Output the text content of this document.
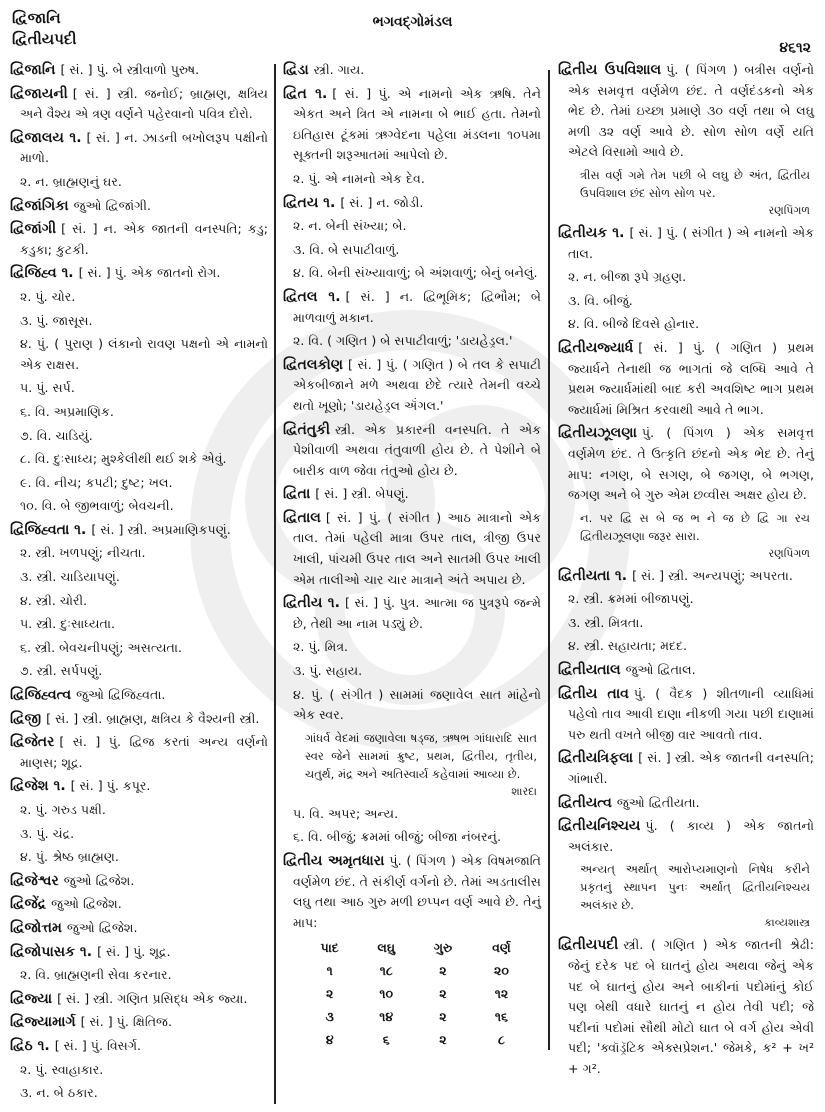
દ્વિજાનિ
દ્વિતીયપદી
ભગવદ્ગોમંડલ
૪૬૧૨
દ્વિજાનિ [ સં. ] પું. બે સ્ત્રીવાળો પુરુષ.
દ્વિજાયની [ સં. ] સ્ત્રી. જનોઈ; બ્રાહ્મણ, ક્ષત્રિય અને વૈશ્ય એ ત્રણ વર્ણને પહેરવાનો પવિત્ર દોરો.
દ્વિજાલય ૧. [ સં. ] ન. ઝાડની બખોલરૂપ પક્ષીનો માળો.
૨. ન. બ્રાહ્મણનું ઘર.
દ્વિજાંગિકા જુઓ દ્વિજાંગી.
દ્વિજાંગી [ સં. ] ન. એક જાતની વનસ્પતિ; કડુ; કડુકા; કુટકી.
દ્વિજિહ્વ ૧. [ સં. ] પું. એક જાતનો રોગ.
૨. પું. ચોર.
૩. પું. જાસૂસ.
૪. પું. ( પુરાણ ) લંકાનો રાવણ પક્ષનો એ નામનો એક રાક્ષસ.
૫. પું. સર્પ.
૬. વિ. અપ્રમાણિક.
૭. વિ. ચાડિયું.
૮. વિ. દુઃસાધ્ય; મુશ્કેલીથી થઈ શકે એવું.
૯. વિ. નીચ; કપટી; દુષ્ટ; ખલ.
૧૦. વિ. બે જીભવાળું; બેવચની.
દ્વિજિહ્વતા ૧. [ સં. ] સ્ત્રી. અપ્રમાણિકપણું.
૨. સ્ત્રી. ખળપણું; નીચતા.
૩. સ્ત્રી. ચાડિયાપણું.
૪. સ્ત્રી. ચોરી.
૫. સ્ત્રી. દુઃસાધ્યતા.
૬. સ્ત્રી. બેવચનીપણું; અસત્યતા.
૭. સ્ત્રી. સર્પપણું.
દ્વિજિહ્વત્વ જુઓ દ્વિજિહ્વતા.
દ્વિજી [ સં. ] સ્ત્રી. બ્રાહ્મણ, ક્ષત્રિય કે વૈશ્યની સ્ત્રી.
દ્વિજેતર [ સં. ] પું. દ્વિજ કરતાં અન્ય વર્ણનો માણસ; શૂદ્ર.
દ્વિજેશ ૧. [ સં. ] પું. કપૂર.
૨. પું. ગરુડ પક્ષી.
૩. પું. ચંદ્ર.
૪. પું. શ્રેષ્ઠ બ્રાહ્મણ.
દ્વિજેશ્વર જુઓ દ્વિજેશ.
દ્વિજેંદ્ર જુઓ દ્વિજેશ.
દ્વિજોત્તમ જુઓ દ્વિજેશ.
દ્વિજોપાસક ૧. [ સં. ] પું. શૂદ્ર.
૨. વિ. બ્રાહ્મણની સેવા કરનાર.
દ્વિજ્યા [ સં. ] સ્ત્રી. ગણિત પ્રસિદ્ધ એક જ્યા.
દ્વિજ્યામાર્ગ [ સં. ] પું. ક્ષિતિજ.
દ્વિઠ ૧. [ સં. ] પું. વિસર્ગ.
૨. પું. સ્વાહાકાર.
૩. ન. બે ઠકાર.
દ્વિડા સ્ત્રી. ગાય.
દ્વિત ૧. [ સં. ] પું. એ નામનો એક ઋષિ. તેને એકત અને ત્રિત એ નામના બે ભાઈ હતા. તેમનો ઇતિહાસ ટૂંકમાં ઋગ્વેદના પહેલા મંડલના ૧૦૫મા સૂક્તની શરૂઆતમાં આપેલો છે.
૨. પું. એ નામનો એક દેવ.
દ્વિતય ૧. [ સં. ] ન. જોડી.
૨. ન. બેની સંખ્યા; બે.
૩. વિ. બે સપાટીવાળું.
૪. વિ. બેની સંખ્યાવાળું; બે અંશવાળું; બેનું બનેલું.
દ્વિતલ ૧. [ સં. ] ન. દ્વિભૂમિક; દ્વિભૌમ; બે માળવાળું મકાન.
૨. વિ. ( ગણિત ) બે સપાટીવાળું; 'ડાયહેડ્રલ.'
દ્વિતલકોણ [ સં. ] પું. ( ગણિત ) બે તલ કે સપાટી એકબીજાને મળે અથવા છેદે ત્યારે તેમની વચ્ચે થતો ખૂણો; 'ડાયહેડ્રલ ઍંગલ.'
દ્વિતંતુકી સ્ત્રી. એક પ્રકારની વનસ્પતિ. તે એક પેશીવાળી અથવા તંતુવાળી હોય છે. તે પેશીને બે બારીક વાળ જેવા તંતુઓ હોય છે.
દ્વિતા [ સં. ] સ્ત્રી. બેપણું.
દ્વિતાલ [ સં. ] પું. ( સંગીત ) આઠ માત્રાનો એક તાલ. તેમાં પહેલી માત્રા ઉપર તાલ, ત્રીજી ઉપર ખાલી, પાંચમી ઉપર તાલ અને સાતમી ઉપર ખાલી એમ તાલીઓ ચાર ચાર માત્રાને અંતે અપાય છે.
દ્વિતીય ૧. [ સં. ] પું. પુત્ર. આત્મા જ પુત્રરૂપે જન્મે છે, તેથી આ નામ પડ્યું છે.
૨. પું. મિત્ર.
૩. પું. સહાય.
૪. પું. ( સંગીત ) સામમાં જણાવેલ સાત માંહેનો એક સ્વર.
ગાંધર્વ વેદમાં જણાવેલા ષડ્જ, ઋષભ ગાંધારાદિ સાત સ્વર જેને સામમાં ક્રુષ્ટ, પ્રથમ, દ્વિતીય, તૃતીય, ચતુર્થ, મંદ્ર અને અતિસ્વાર્ય કહેવામાં આવ્યા છે.
શારદા
૫. વિ. અપર; અન્ય.
૬. વિ. બીજું; ક્રમમાં બીજું; બીજા નંબરનું.
દ્વિતીય અમૃતધારા પું. ( પિંગળ ) એક વિષમજાતિ વર્ણમેળ છંદ. તે સંકીર્ણ વર્ગનો છે. તેમાં અડતાલીસ લઘુ તથા આઠ ગુરુ મળી છપ્પન વર્ણ આવે છે. તેનું માપ:
પાદ	લઘુ	ગુરુ	વર્ણ
૧	૧૮	૨	૨૦
૨	૧૦	૨	૧૨
૩	૧૪	૨	૧૬
૪	૬	૨	૮
દ્વિતીય ઉપવિશાલ પું. ( પિંગળ ) બત્રીસ વર્ણનો એક સમવૃત્ત વર્ણમેળ છંદ. તે વર્ણદંડકનો એક ભેદ છે. તેમાં ઇચ્છા પ્રમાણે ૩૦ વર્ણ તથા બે લઘુ મળી ૩૨ વર્ણ આવે છે. સોળ સોળ વર્ણે યતિ એટલે વિસામો આવે છે.
ત્રીસ વર્ણ ગમે તેમ પછી બે લઘુ છે અંત, દ્વિતીય ઉપવિશાલ છંદ સોળ સોળ પર.
રણપિંગળ
દ્વિતીયક ૧. [ સં. ] પું. ( સંગીત ) એ નામનો એક તાલ.
૨. ન. બીજા રૂપે ગ્રહણ.
૩. વિ. બીજું.
૪. વિ. બીજે દિવસે હોનાર.
દ્વિતીયજ્યાર્ધ [ સં. ] પું. ( ગણિત ) પ્રથમ જ્યાર્ધને તેનાથી જ ભાગતાં જે લબ્ધિ આવે તે પ્રથમ જ્યાર્ધમાંથી બાદ કરી અવશિષ્ટ ભાગ પ્રથમ જ્યાર્ધમાં મિશ્રિત કરવાથી આવે તે ભાગ.
દ્વિતીયઝૂલણા પું. ( પિંગળ ) એક સમવૃત્ત વર્ણમેળ છંદ. તે ઉત્કૃતિ છંદનો એક ભેદ છે. તેનું માપ: નગણ, બે સગણ, બે જગણ, બે ભગણ, જગણ અને બે ગુરુ એમ છવ્વીસ અક્ષર હોય છે.
ન. પર દ્વિ સ બે જ ભ ને જ છે દ્વિ ગા રચ દ્વિતીયઝૂલણા જરૂર સારા.
રણપિંગળ
દ્વિતીયતા ૧. [ સં. ] સ્ત્રી. અન્યપણું; અપરતા.
૨. સ્ત્રી. ક્રમમાં બીજાપણું.
૩. સ્ત્રી. મિત્રતા.
૪. સ્ત્રી. સહાયતા; મદદ.
દ્વિતીયતાલ જુઓ દ્વિતાલ.
દ્વિતીય તાવ પું. ( વૈદક ) શીતળાની વ્યાધિમાં પહેલો તાવ આવી દાણા નીકળી ગયા પછી દાણામાં પરુ થતી વખતે બીજી વાર આવતો તાવ.
દ્વિતીયત્રિફલા [ સં. ] સ્ત્રી. એક જાતની વનસ્પતિ; ગાંભારી.
દ્વિતીયત્વ જુઓ દ્વિતીયતા.
દ્વિતીયનિશ્ચય પું. ( કાવ્ય ) એક જાતનો અલંકાર.
અન્યત્ અર્થાત્ આરોપ્યમાણનો નિષેધ કરીને પ્રકૃતનું સ્થાપન પુનઃ અર્થાત્ દ્વિતીયનિશ્ચય અલંકાર છે.
કાવ્યશાસ્ત્ર
દ્વિતીયપદી સ્ત્રી. ( ગણિત ) એક જાતની શ્રેઢી: જેનું દરેક પદ બે ઘાતનું હોય અથવા જેનું એક પદ બે ઘાતનું હોય અને બાકીનાં પદોમાંનું કોઈ પણ બેથી વધારે ઘાતનું ન હોય તેવી પદી; જે પદીનાં પદોમાં સૌથી મોટો ઘાત બે વર્ગ હોય એવી પદી; 'ક્વૉડ્રૅટિક એક્સપ્રેશન.' જેમકે, ક² + ખ² + ગ².
